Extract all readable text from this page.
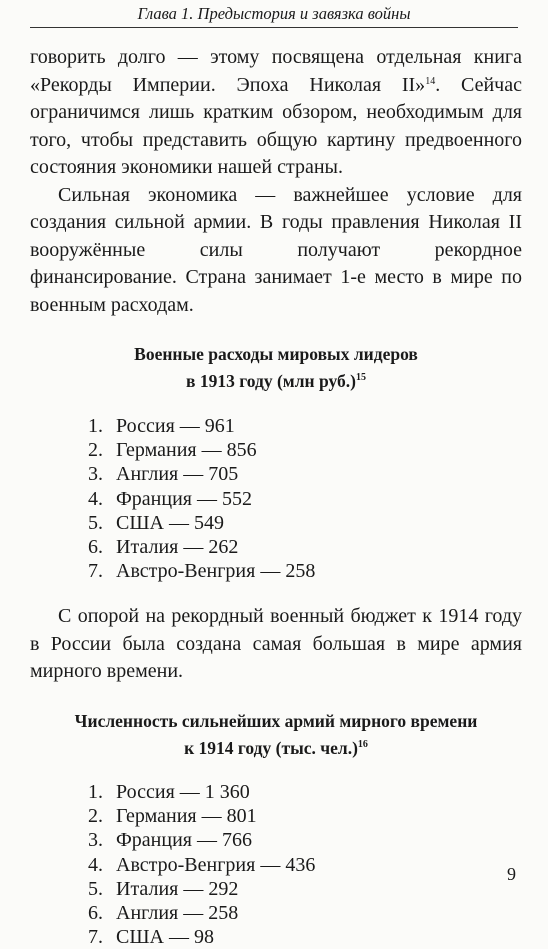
Глава 1. Предыстория и завязка войны

говорить долго — этому посвящена отдельная книга «Рекорды Империи. Эпоха Николая II»$^{14}$. Сейчас ограничимся лишь кратким обзором, необходимым для того, чтобы представить общую картину предвоенного состояния экономики нашей страны.

Сильная экономика — важнейшее условие для создания сильной армии. В годы правления Николая II вооружённые силы получают рекордное финансирование. Страна занимает 1-е место в мире по военным расходам.

Военные расходы мировых лидеров
в 1913 году (млн руб.)$^{15}$
1. Россия — 961
2. Германия — 856
3. Англия — 705
4. Франция — 552
5. США — 549
6. Италия — 262
7. Австро-Венгрия — 258

С опорой на рекордный военный бюджет к 1914 году в России была создана самая большая в мире армия мирного времени.

Численность сильнейших армий мирного времени
к 1914 году (тыс. чел.)$^{16}$
1. Россия — 1 360
2. Германия — 801
3. Франция — 766
4. Австро-Венгрия — 436
5. Италия — 292
6. Англия — 258
7. США — 98
9
